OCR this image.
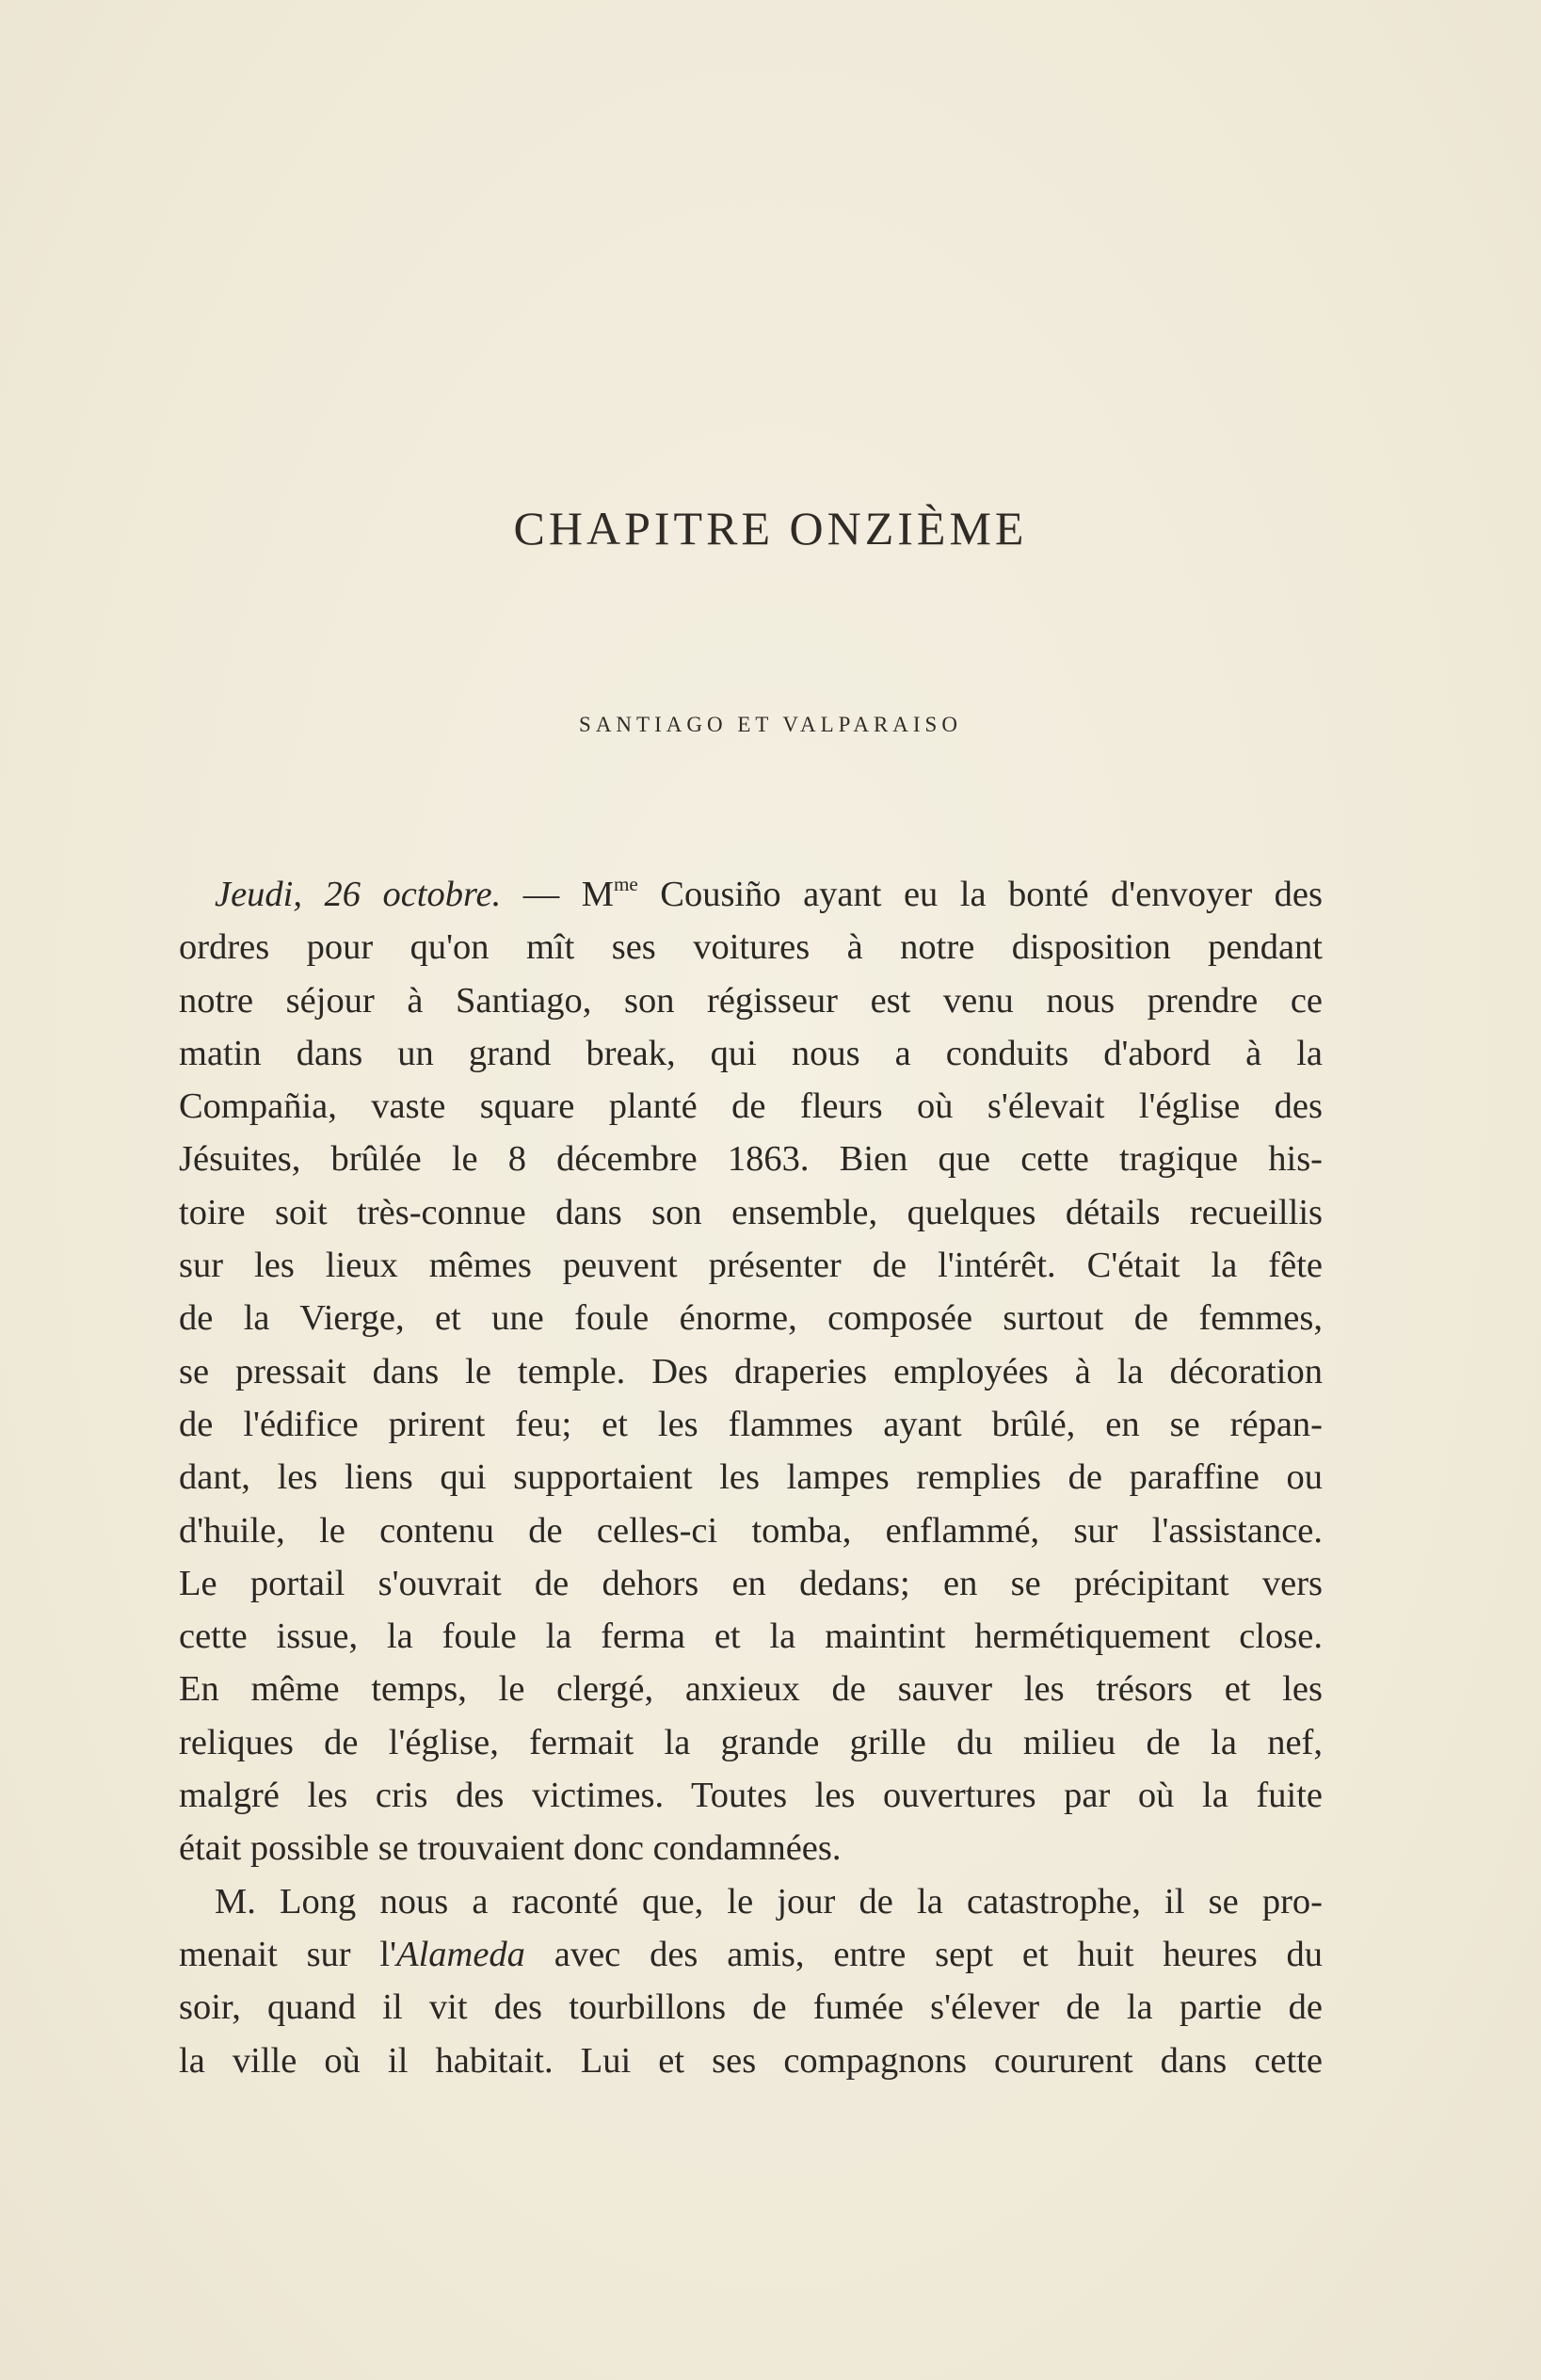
CHAPITRE ONZIÈME
SANTIAGO ET VALPARAISO
Jeudi, 26 octobre. — $M^{me}$ Cousiño ayant eu la bonté d'envoyer des
ordres pour qu'on mît ses voitures à notre disposition pendant
notre séjour à Santiago, son régisseur est venu nous prendre ce
matin dans un grand break, qui nous a conduits d'abord à la
Compañia, vaste square planté de fleurs où s'élevait l'église des
Jésuites, brûlée le 8 décembre 1863. Bien que cette tragique his-
toire soit très-connue dans son ensemble, quelques détails recueillis
sur les lieux mêmes peuvent présenter de l'intérêt. C'était la fête
de la Vierge, et une foule énorme, composée surtout de femmes,
se pressait dans le temple. Des draperies employées à la décoration
de l'édifice prirent feu; et les flammes ayant brûlé, en se répan-
dant, les liens qui supportaient les lampes remplies de paraffine ou
d'huile, le contenu de celles-ci tomba, enflammé, sur l'assistance.
Le portail s'ouvrait de dehors en dedans; en se précipitant vers
cette issue, la foule la ferma et la maintint hermétiquement close.
En même temps, le clergé, anxieux de sauver les trésors et les
reliques de l'église, fermait la grande grille du milieu de la nef,
malgré les cris des victimes. Toutes les ouvertures par où la fuite
était possible se trouvaient donc condamnées.
M. Long nous a raconté que, le jour de la catastrophe, il se pro-
menait sur l'Alameda avec des amis, entre sept et huit heures du
soir, quand il vit des tourbillons de fumée s'élever de la partie de
la ville où il habitait. Lui et ses compagnons coururent dans cette
